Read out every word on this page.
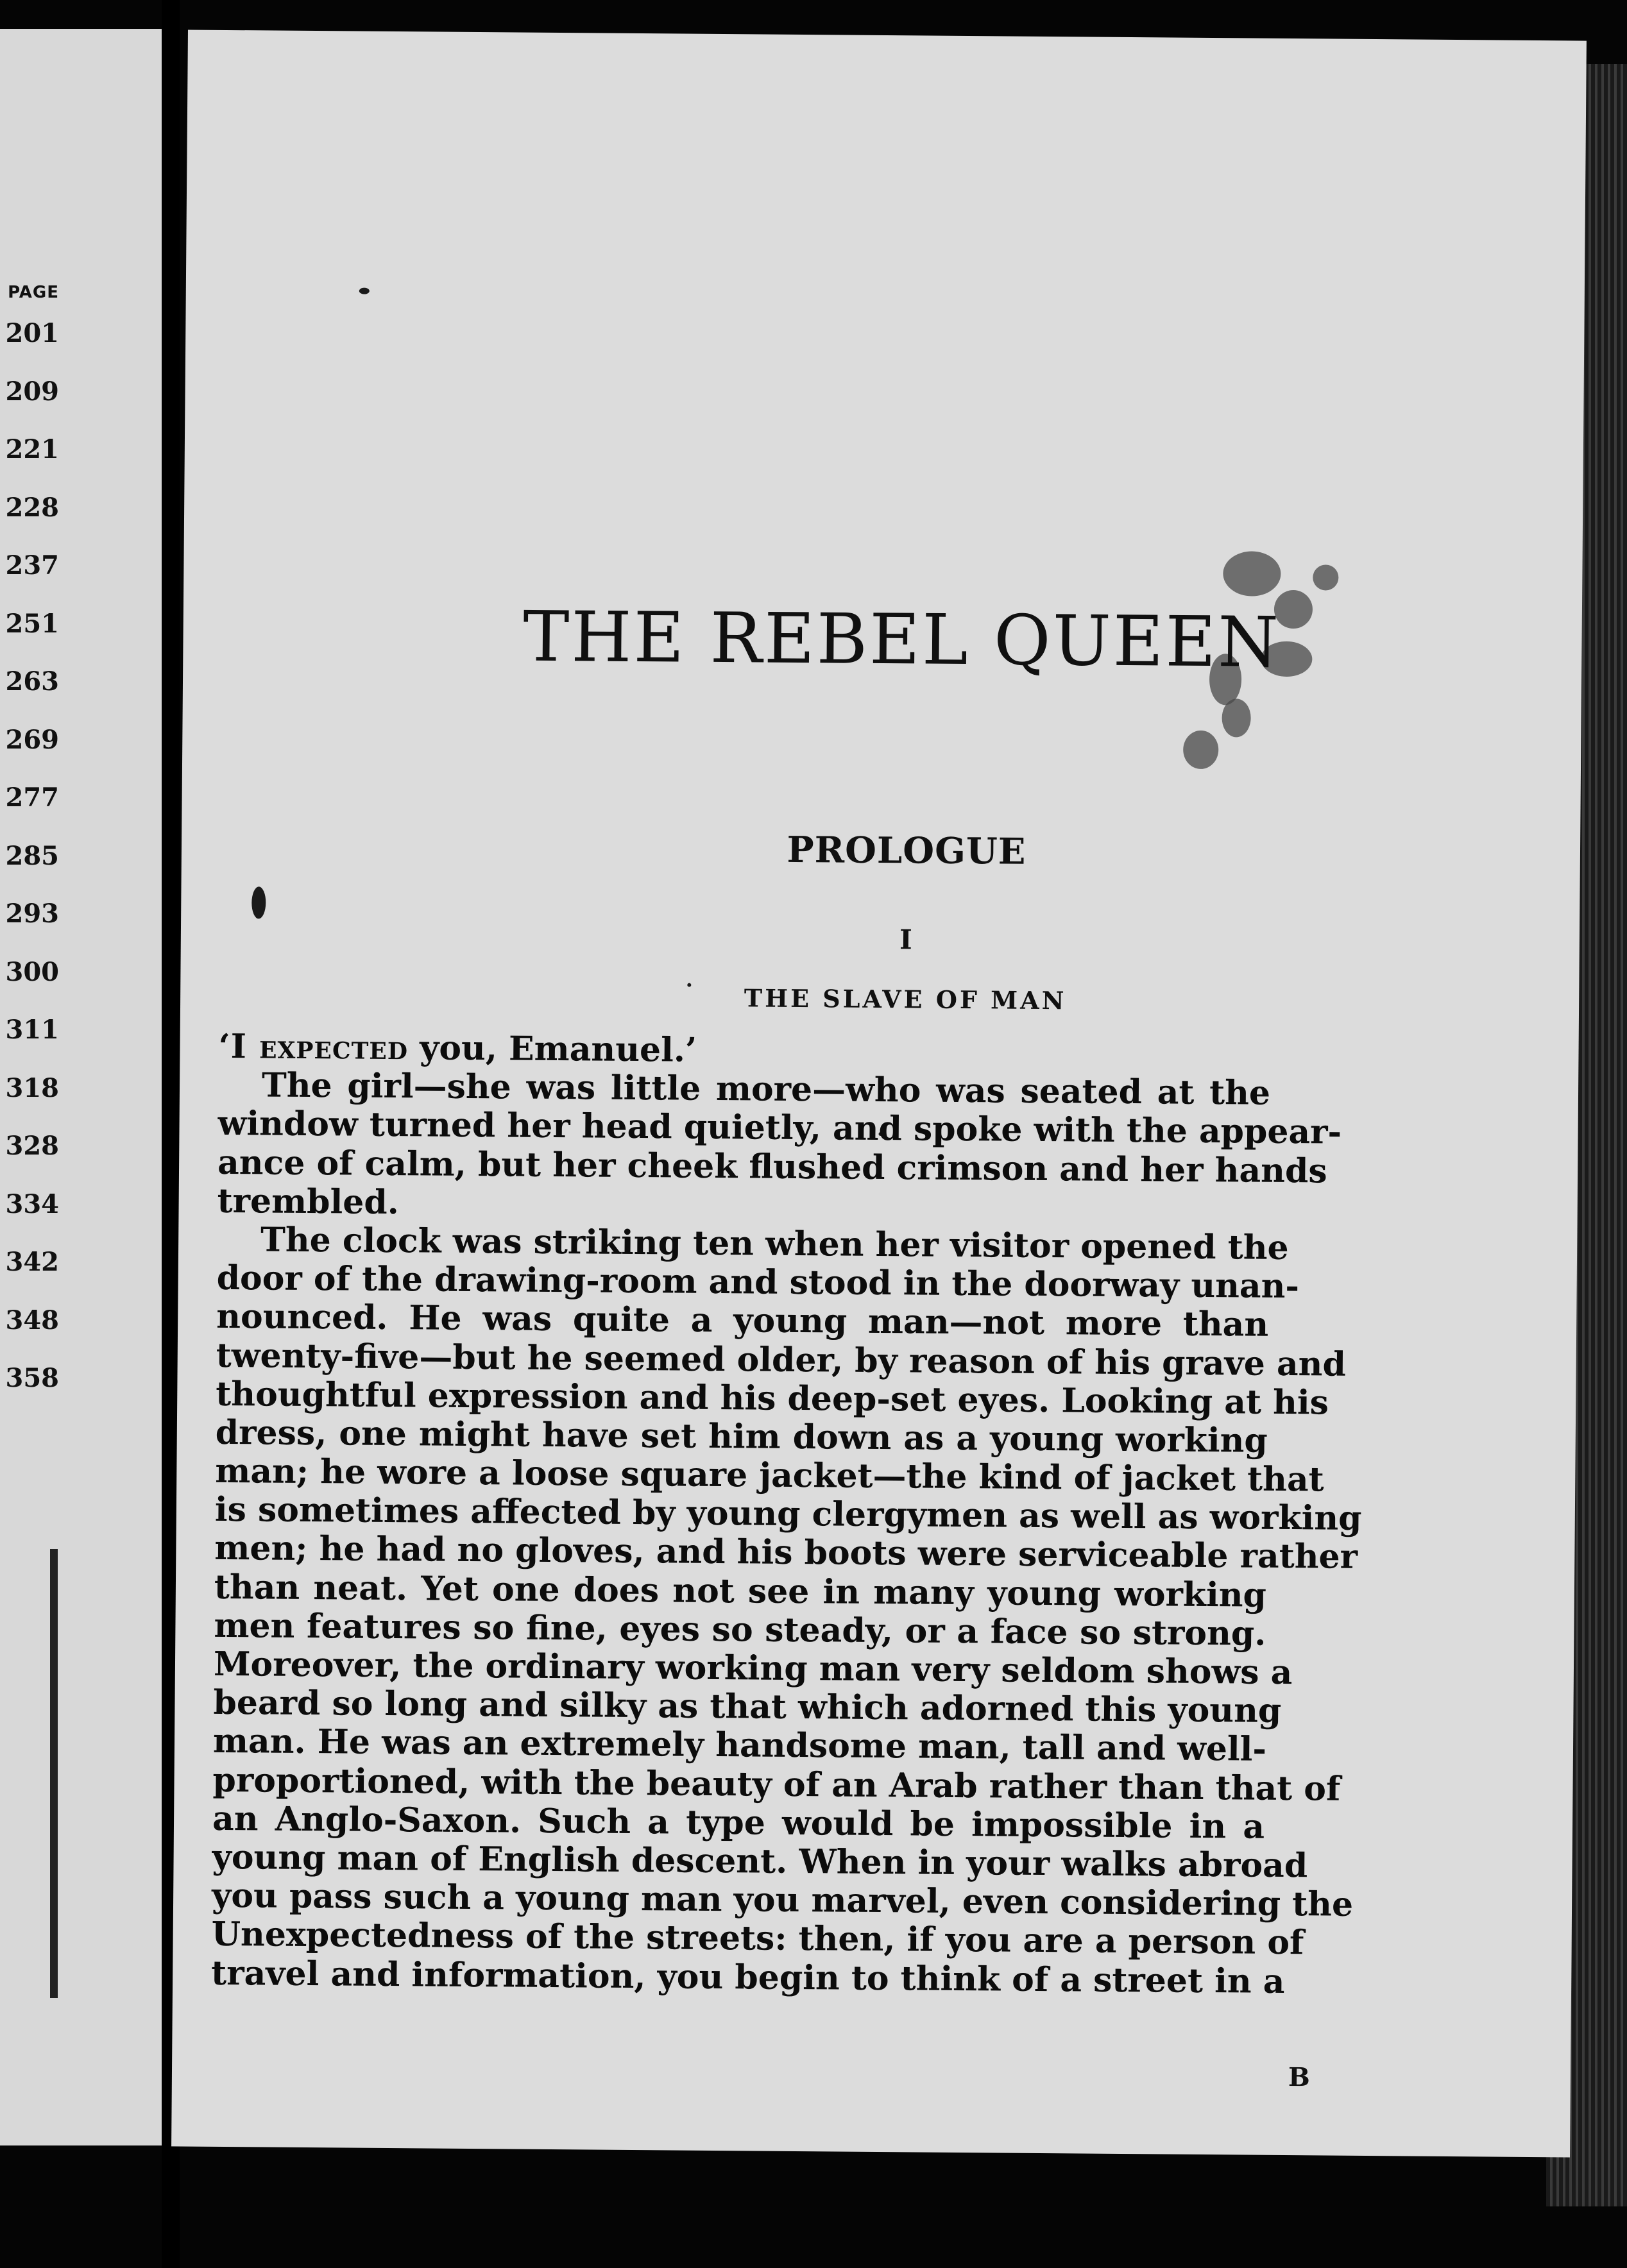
PAGE
201
209
221
228
237
251
263
269
277
285
293
300
311
318
328
334
342
348
358
THE REBEL QUEEN
PROLOGUE
I
THE SLAVE OF MAN
‘I expected you, Emanuel.’
The girl—she was little more—who was seated at the
window turned her head quietly, and spoke with the appear-
ance of calm, but her cheek flushed crimson and her hands
trembled.
The clock was striking ten when her visitor opened the
door of the drawing-room and stood in the doorway unan-
nounced. He was quite a young man—not more than
twenty-five—but he seemed older, by reason of his grave and
thoughtful expression and his deep-set eyes. Looking at his
dress, one might have set him down as a young working
man; he wore a loose square jacket—the kind of jacket that
is sometimes affected by young clergymen as well as working
men; he had no gloves, and his boots were serviceable rather
than neat. Yet one does not see in many young working
men features so fine, eyes so steady, or a face so strong.
Moreover, the ordinary working man very seldom shows a
beard so long and silky as that which adorned this young
man. He was an extremely handsome man, tall and well-
proportioned, with the beauty of an Arab rather than that of
an Anglo-Saxon. Such a type would be impossible in a
young man of English descent. When in your walks abroad
you pass such a young man you marvel, even considering the
Unexpectedness of the streets: then, if you are a person of
travel and information, you begin to think of a street in a
B
